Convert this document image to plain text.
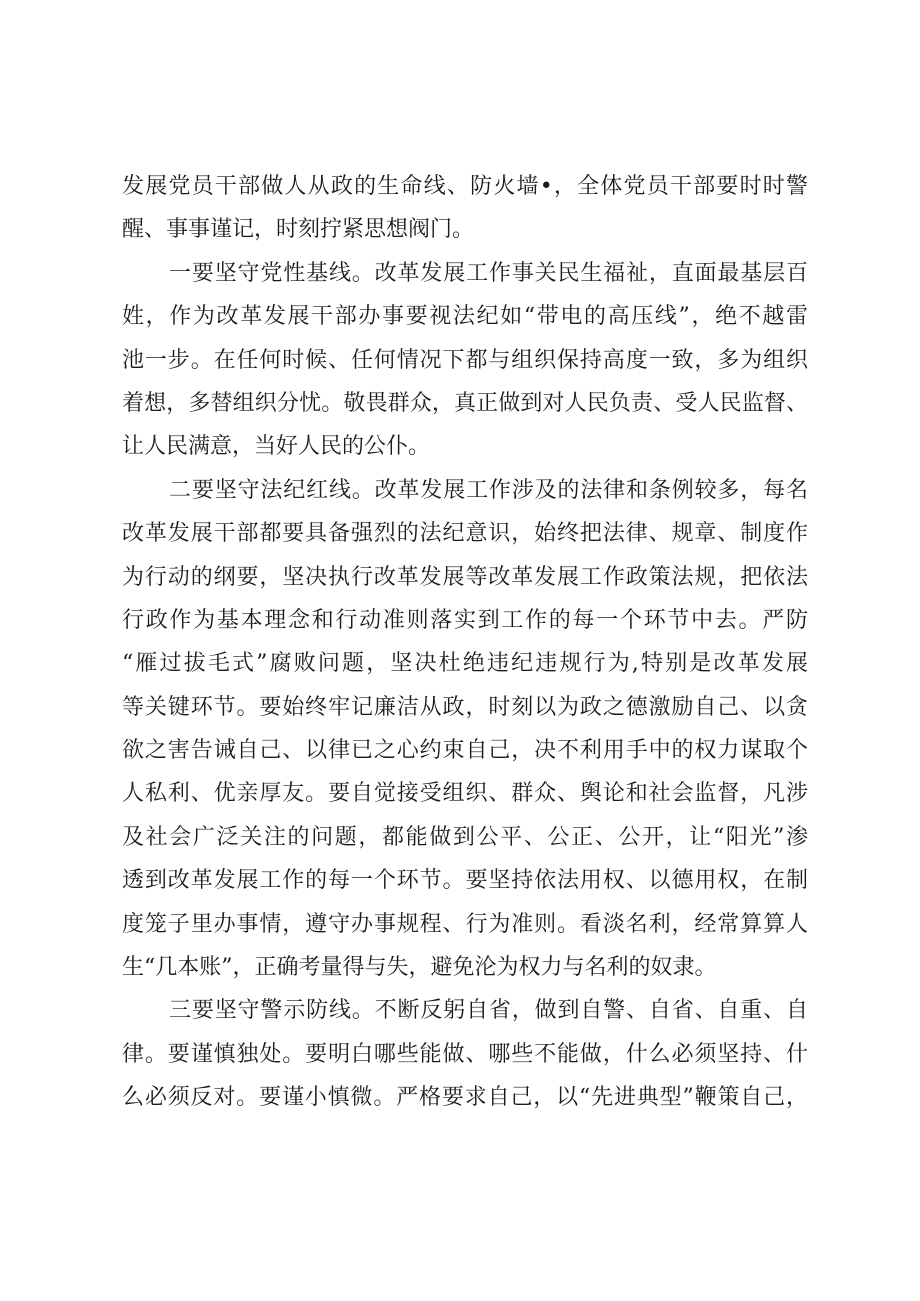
发展党员干部做人从政的生命线、防火墙•，全体党员干部要时时警
醒、事事谨记，时刻拧紧思想阀门。
一要坚守党性基线。改革发展工作事关民生福祉，直面最基层百
姓，作为改革发展干部办事要视法纪如“带电的高压线”，绝不越雷
池一步。在任何时候、任何情况下都与组织保持高度一致，多为组织
着想，多替组织分忧。敬畏群众，真正做到对人民负责、受人民监督、
让人民满意，当好人民的公仆。
二要坚守法纪红线。改革发展工作涉及的法律和条例较多，每名
改革发展干部都要具备强烈的法纪意识，始终把法律、规章、制度作
为行动的纲要，坚决执行改革发展等改革发展工作政策法规，把依法
行政作为基本理念和行动准则落实到工作的每一个环节中去。严防
“雁过拔毛式”腐败问题，坚决杜绝违纪违规行为,特别是改革发展
等关键环节。要始终牢记廉洁从政，时刻以为政之德激励自己、以贪
欲之害告诫自己、以律已之心约束自己，决不利用手中的权力谋取个
人私利、优亲厚友。要自觉接受组织、群众、舆论和社会监督，凡涉
及社会广泛关注的问题，都能做到公平、公正、公开，让“阳光”渗
透到改革发展工作的每一个环节。要坚持依法用权、以德用权，在制
度笼子里办事情，遵守办事规程、行为准则。看淡名利，经常算算人
生“几本账”，正确考量得与失，避免沦为权力与名利的奴隶。
三要坚守警示防线。不断反躬自省，做到自警、自省、自重、自
律。要谨慎独处。要明白哪些能做、哪些不能做，什么必须坚持、什
么必须反对。要谨小慎微。严格要求自己，以“先进典型”鞭策自己，
